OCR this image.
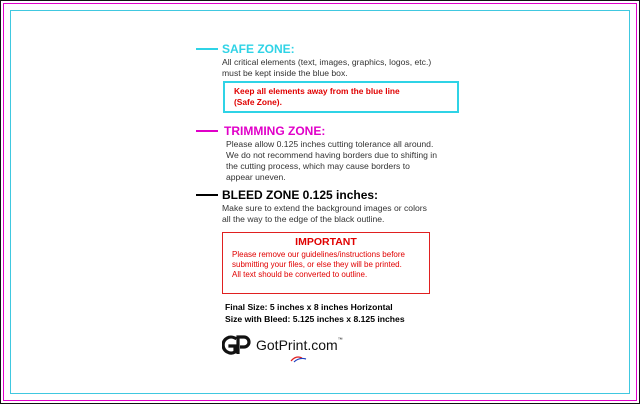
SAFE ZONE:
All critical elements (text, images, graphics, logos, etc.)
must be kept inside the blue box.
Keep all elements away from the blue line
(Safe Zone).
TRIMMING ZONE:
Please allow 0.125 inches cutting tolerance all around.
We do not recommend having borders due to shifting in
the cutting process, which may cause borders to
appear uneven.
BLEED ZONE 0.125 inches:
Make sure to extend the background images or colors
all the way to the edge of the black outline.
IMPORTANT
Please remove our guidelines/instructions before
submitting your files, or else they will be printed.
All text should be converted to outline.
Final Size: 5 inches x 8 inches Horizontal
Size with Bleed: 5.125 inches x 8.125 inches
GotPrint.com™
